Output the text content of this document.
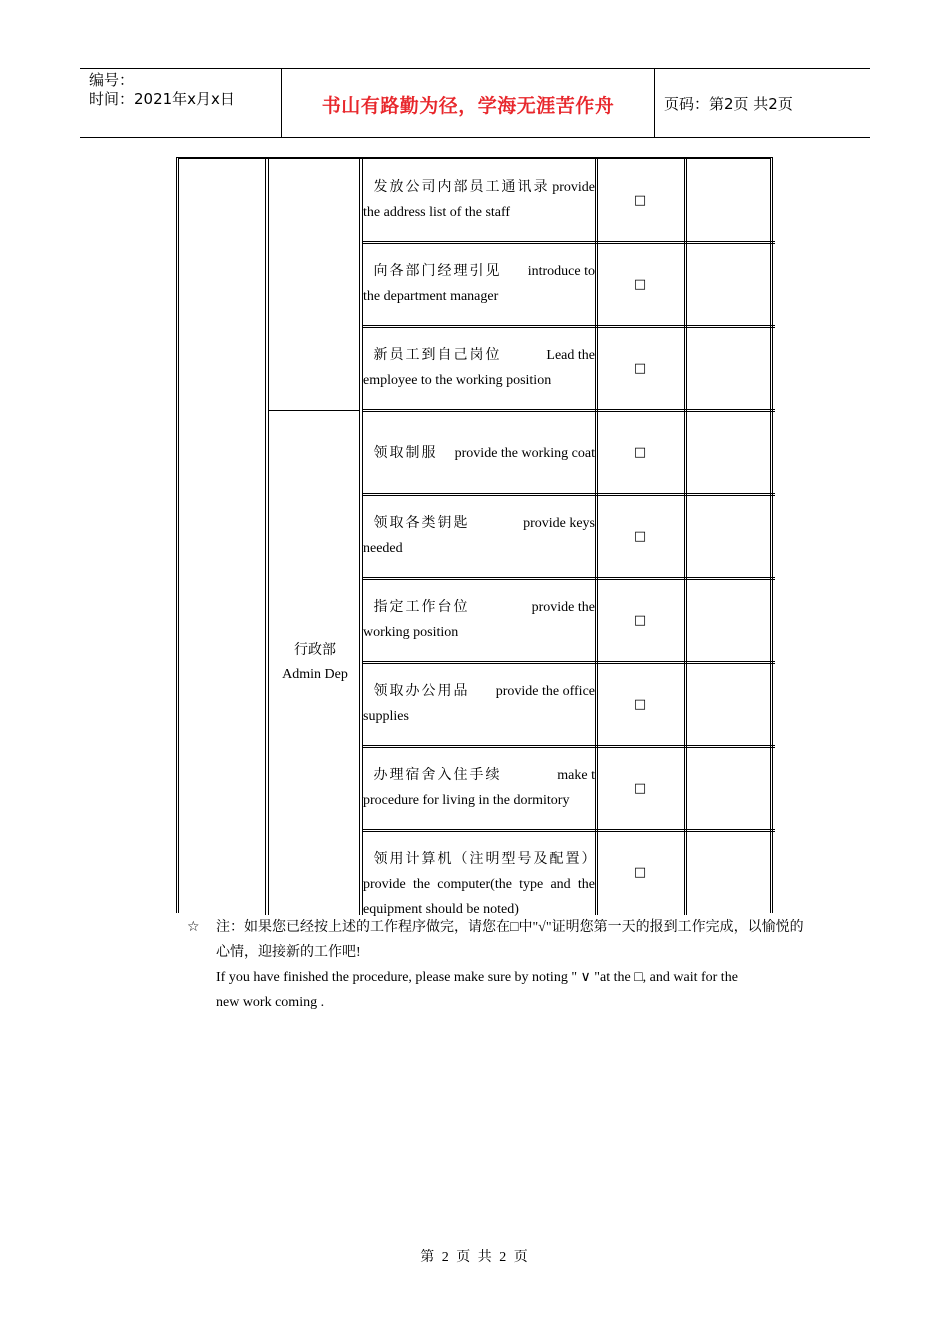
编号：
时间：2021年x月x日	书山有路勤为径，学海无涯苦作舟	页码：第2页 共2页
行政部
Admin Dep
发放公司内部员工通讯录 provide
the address list of the staff
□
向各部门经理引见 introduce to
the department manager
□
新员工到自己岗位	Lead the
employee to the working position
□
领取制服 provide the working coat	□
领取各类钥匙	provide keys
needed
□
指定工作台位	provide the
working position
□
领取办公用品 provide the office
supplies
□
办理宿舍入住手续	make t
procedure for living in the dormitory
□
领用计算机（注明型号及配置）
provide the computer(the type and the equipment should be noted)
□
☆ 注：如果您已经按上述的工作程序做完，请您在□中"√"证明您第一天的报到工作完成，以愉悦的心情，迎接新的工作吧!
If you have finished the procedure, please make sure by noting " ∨ "at the □, and wait for the new work coming .
第 2 页 共 2 页
